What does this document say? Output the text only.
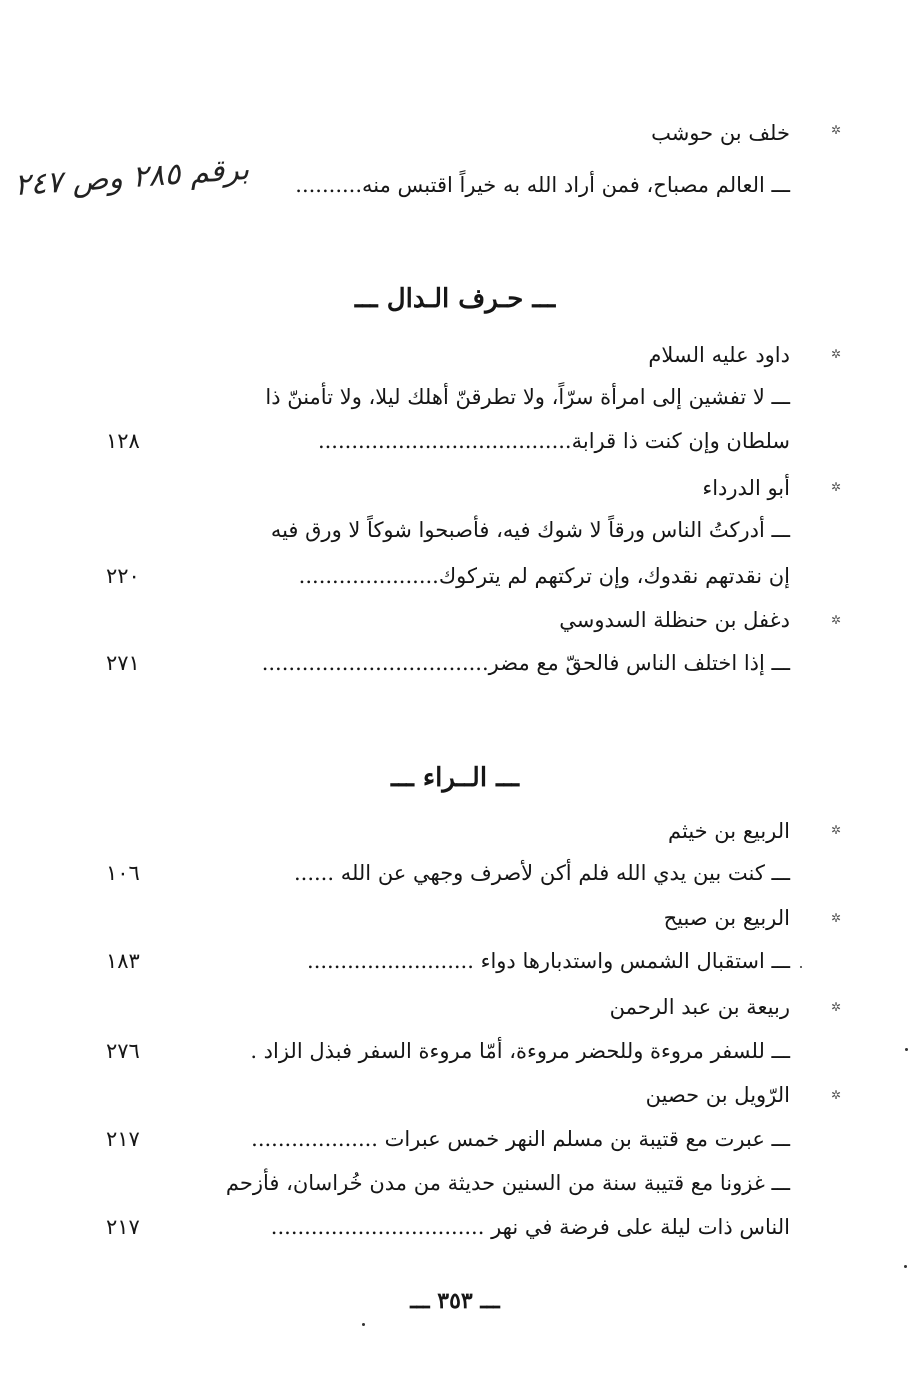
✲
خلف بن حوشب
ـــ العالم مصباح، فمن أراد الله به خيراً اقتبس منه..........
برقم ٢٨٥ وص ٢٤٧
ـــ حـرف الـدال ـــ
✲
داود عليه السلام
ـــ لا تفشين إلى امرأة سرّاً، ولا تطرقنّ أهلك ليلا، ولا تأمننّ ذا
سلطان وإن كنت ذا قرابة......................................
١٢٨
✲
أبو الدرداء
ـــ أدركتُ الناس ورقاً لا شوك فيه، فأصبحوا شوكاً لا ورق فيه
إن نقدتهم نقدوك، وإن تركتهم لم يتركوك.....................
٢٢٠
✲
دغفل بن حنظلة السدوسي
ـــ إذا اختلف الناس فالحقّ مع مضر..................................
٢٧١
ـــ الــراء ـــ
✲
الربيع بن خيثم
ـــ كنت بين يدي الله فلم أكن لأصرف وجهي عن الله ......
١٠٦
✲
الربيع بن صبيح
ـــ استقبال الشمس واستدبارها دواء .........................
١٨٣
✲
ربيعة بن عبد الرحمن
ـــ للسفر مروءة وللحضر مروءة، أمّا مروءة السفر فبذل الزاد .
٢٧٦
✲
الرّويل بن حصين
ـــ عبرت مع قتيبة بن مسلم النهر خمس عبرات ...................
٢١٧
ـــ غزونا مع قتيبة سنة من السنين حديثة من مدن خُراسان، فأزحم
الناس ذات ليلة على فرضة في نهر ................................
٢١٧
ـــ ٣٥٣ ـــ
